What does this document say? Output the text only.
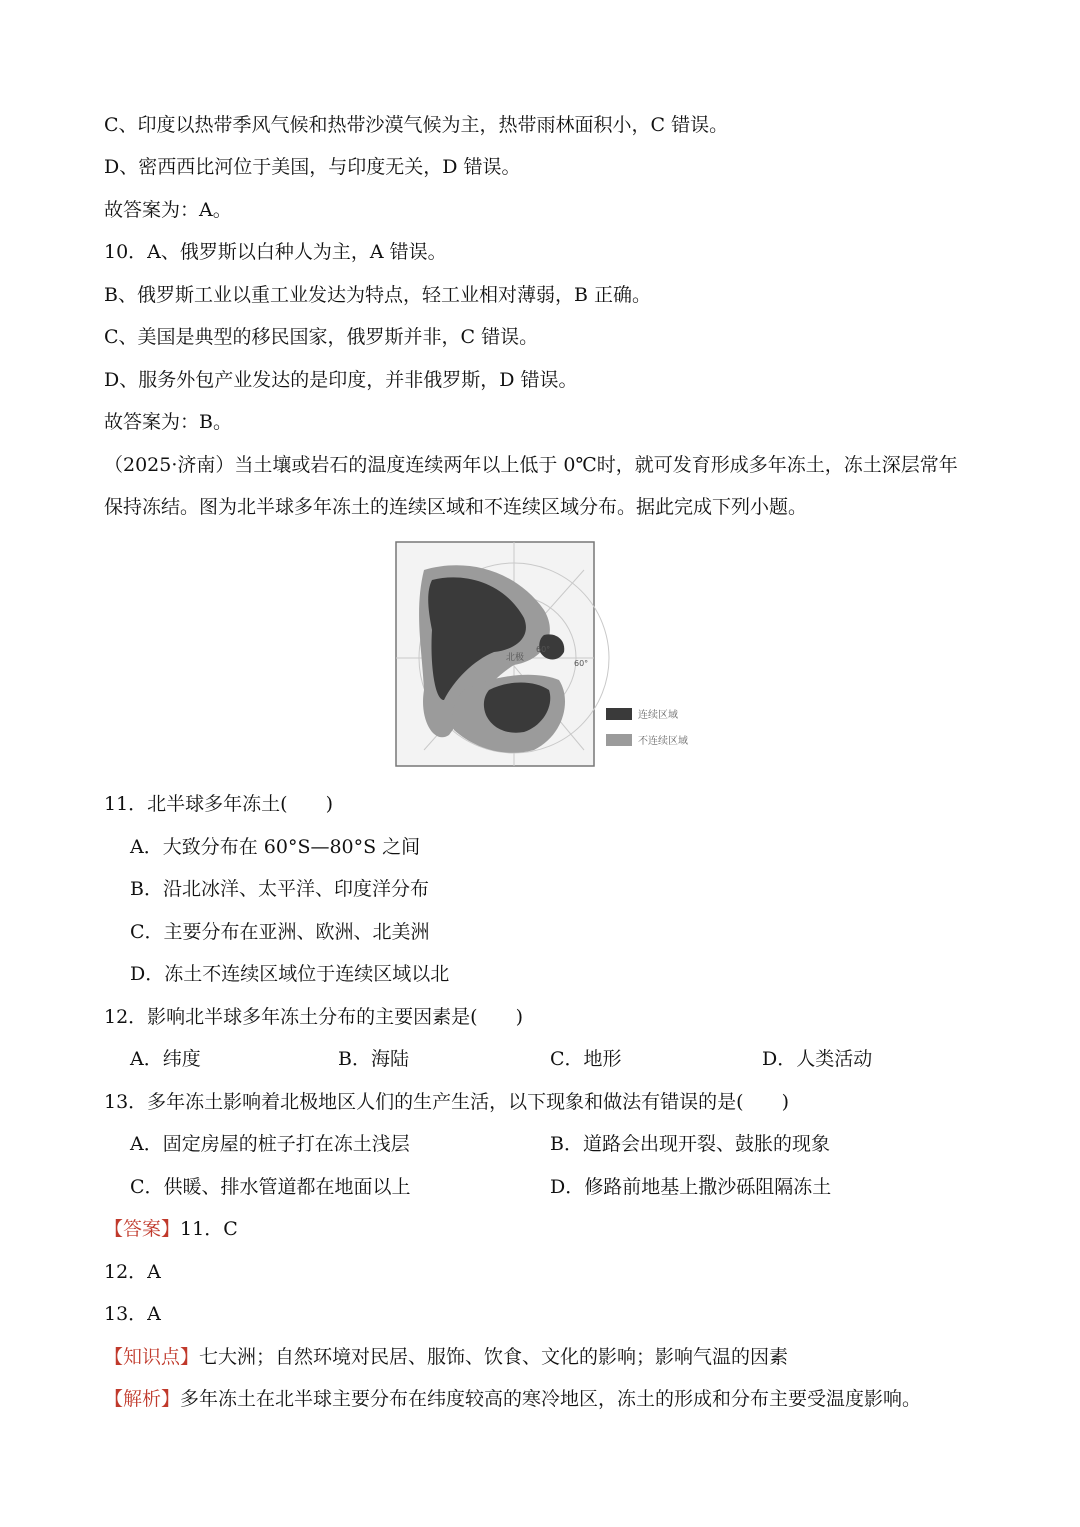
C、印度以热带季风气候和热带沙漠气候为主，热带雨林面积小，C 错误。
D、密西西比河位于美国，与印度无关，D 错误。
故答案为：A。
10．A、俄罗斯以白种人为主，A 错误。
B、俄罗斯工业以重工业发达为特点，轻工业相对薄弱，B 正确。
C、美国是典型的移民国家，俄罗斯并非，C 错误。
D、服务外包产业发达的是印度，并非俄罗斯，D 错误。
故答案为：B。
（2025·济南）当土壤或岩石的温度连续两年以上低于 0℃时，就可发育形成多年冻土，冻土深层常年
保持冻结。图为北半球多年冻土的连续区域和不连续区域分布。据此完成下列小题。
北极
60°
60°
连续区域
不连续区域
11．北半球多年冻土(　　)
A．大致分布在 60°S—80°S 之间
B．沿北冰洋、太平洋、印度洋分布
C．主要分布在亚洲、欧洲、北美洲
D．冻土不连续区域位于连续区域以北
12．影响北半球多年冻土分布的主要因素是(　　)
A．纬度	B．海陆	C．地形	D．人类活动
13．多年冻土影响着北极地区人们的生产生活，以下现象和做法有错误的是(　　)
A．固定房屋的桩子打在冻土浅层	B．道路会出现开裂、鼓胀的现象
C．供暖、排水管道都在地面以上	D．修路前地基上撒沙砾阻隔冻土
【答案】11．C
12．A
13．A
【知识点】七大洲；自然环境对民居、服饰、饮食、文化的影响；影响气温的因素
【解析】多年冻土在北半球主要分布在纬度较高的寒冷地区，冻土的形成和分布主要受温度影响。
